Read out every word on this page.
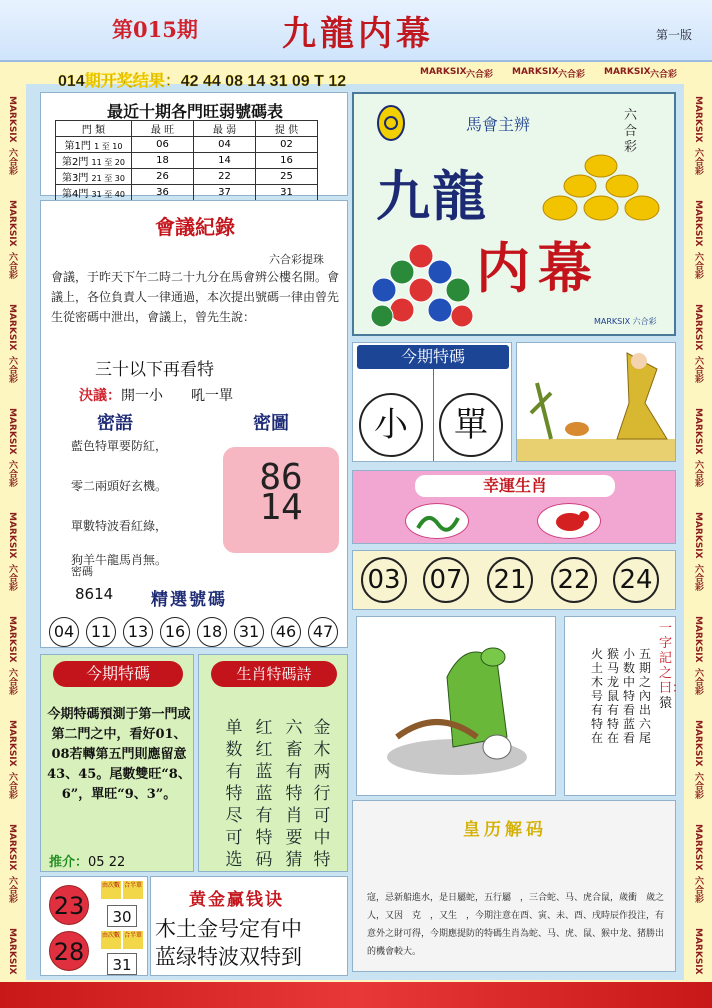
第015期 九龍内幕	第一版
MARKSIX
六合彩
MARKSIX
六合彩
MARKSIX
六合彩
MARKSIX
六合彩
MARKSIX
六合彩
MARKSIX
六合彩
MARKSIX
六合彩
MARKSIX
六合彩
MARKSIX
MARKSIX
六合彩
MARKSIX
六合彩
MARKSIX
六合彩
MARKSIX
六合彩
MARKSIX
六合彩
MARKSIX
六合彩
MARKSIX
六合彩
MARKSIX
六合彩
MARKSIX
MARKSIX 六合彩 MARKSIX 六合彩 MARKSIX 六合彩
014期开奖结果：42 44 08 14 31 09 T 12
最近十期各門旺弱號碼表
門 類	最 旺	最 弱	提 供
第1門 1 至 10	06	04	02
第2門 11 至 20	18	14	16
第3門 21 至 30	26	22	25
第4門 31 至 40	36	37	31

馬會主辨	六合彩
九龍
内幕
MARKSIX 六合彩
會議紀錄
六合彩提珠
會議，于昨天下午二時二十九分在馬會辨公樓名開。會議上，各位負責人一律通過，本次提出號碼一律由曾先生從密碼中泄出，會議上，曾先生說：
三十以下再看特
決議：開一小　　吼一單
密語	密圖
藍色特單要防紅，
零二兩頭好玄機。
單數特波看紅綠，
狗羊牛龍馬肖無。
86
14
密碼
8614 精選號碼
04	11	13	16	18	31	46	47
今期特碼
小	單
幸運生肖
03 07 21 22 24
一字記之曰：猿
五期之內出六尾
小数中特看蓝看
猴马龙鼠有特在
火土木号有特在
今期特碼
今期特碼預測于第一門或第二門之中，看好01、08若轉第五門則應留意43、45。尾數雙旺“8、6”，單旺“9、3”。
推介：05 22
生肖特碼詩
金木两行可中特
六畜有特肖要猜
红红蓝蓝有特码
单数有特尽可选
皇历解码
寇，忌新船進水，是日屬蛇，五行屬　，三合蛇、马、虎合鼠，歲衝　歲之人，又因　克　，又生　，今期注意在酉、寅、未、酉、戌時辰作投注，有意外之財可得，今期應提防的特碼生肖為蛇、马、虎、鼠、猴中龙、猪勝出的機會較大。
23
28
由次數 合半單
30
由次數 合半單
31
黄金赢钱诀
木土金号定有中
蓝绿特波双特到
